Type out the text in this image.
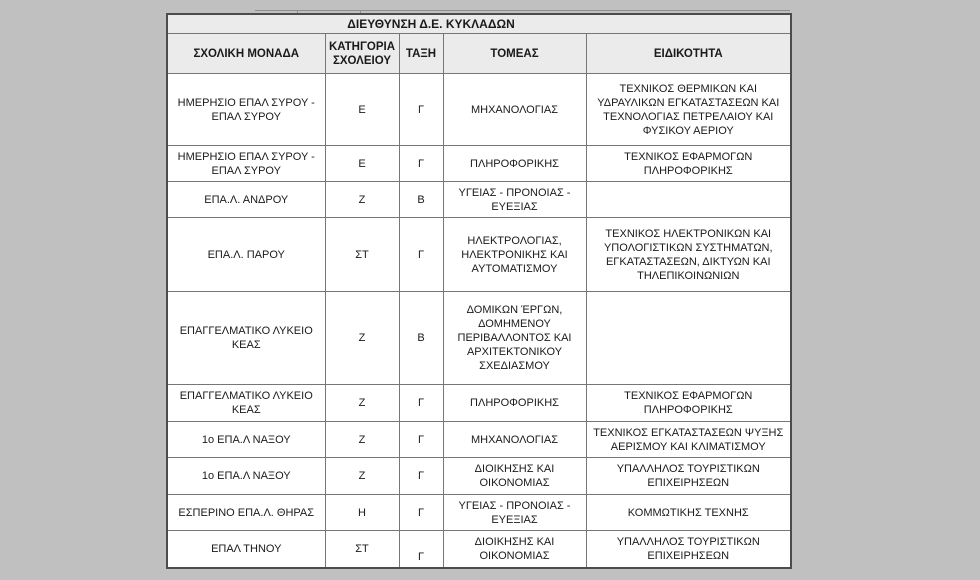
ΔΙΕΥΘΥΝΣΗ Δ.Ε. ΚΥΚΛΑΔΩΝ				
ΣΧΟΛΙΚΗ ΜΟΝΑΔΑ	ΚΑΤΗΓΟΡΙΑ ΣΧΟΛΕΙΟΥ	ΤΑΞΗ	ΤΟΜΕΑΣ	ΕΙΔΙΚΟΤΗΤΑ
ΗΜΕΡΗΣΙΟ ΕΠΑΛ ΣΥΡΟΥ - ΕΠΑΛ ΣΥΡΟΥ	Ε	Γ	ΜΗΧΑΝΟΛΟΓΙΑΣ	ΤΕΧΝΙΚΟΣ ΘΕΡΜΙΚΩΝ ΚΑΙ ΥΔΡΑΥΛΙΚΩΝ ΕΓΚΑΤΑΣΤΑΣΕΩΝ ΚΑΙ ΤΕΧΝΟΛΟΓΙΑΣ ΠΕΤΡΕΛΑΙΟΥ ΚΑΙ ΦΥΣΙΚΟΥ ΑΕΡΙΟΥ
ΗΜΕΡΗΣΙΟ ΕΠΑΛ ΣΥΡΟΥ - ΕΠΑΛ ΣΥΡΟΥ	Ε	Γ	ΠΛΗΡΟΦΟΡΙΚΗΣ	ΤΕΧΝΙΚΟΣ ΕΦΑΡΜΟΓΩΝ ΠΛΗΡΟΦΟΡΙΚΗΣ
ΕΠΑ.Λ. ΑΝΔΡΟΥ	Ζ	Β	ΥΓΕΙΑΣ - ΠΡΟΝΟΙΑΣ - ΕΥΕΞΙΑΣ	
ΕΠΑ.Λ. ΠΑΡΟΥ	ΣΤ	Γ	ΗΛΕΚΤΡΟΛΟΓΙΑΣ, ΗΛΕΚΤΡΟΝΙΚΗΣ ΚΑΙ ΑΥΤΟΜΑΤΙΣΜΟΥ	ΤΕΧΝΙΚΟΣ ΗΛΕΚΤΡΟΝΙΚΩΝ ΚΑΙ ΥΠΟΛΟΓΙΣΤΙΚΩΝ ΣΥΣΤΗΜΑΤΩΝ, ΕΓΚΑΤΑΣΤΑΣΕΩΝ, ΔΙΚΤΥΩΝ ΚΑΙ ΤΗΛΕΠΙΚΟΙΝΩΝΙΩΝ
ΕΠΑΓΓΕΛΜΑΤΙΚΟ ΛΥΚΕΙΟ ΚΕΑΣ	Ζ	Β	ΔΟΜΙΚΩΝ ΈΡΓΩΝ, ΔΟΜΗΜΕΝΟΥ ΠΕΡΙΒΑΛΛΟΝΤΟΣ ΚΑΙ ΑΡΧΙΤΕΚΤΟΝΙΚΟΥ ΣΧΕΔΙΑΣΜΟΥ	
ΕΠΑΓΓΕΛΜΑΤΙΚΟ ΛΥΚΕΙΟ ΚΕΑΣ	Ζ	Γ	ΠΛΗΡΟΦΟΡΙΚΗΣ	ΤΕΧΝΙΚΟΣ ΕΦΑΡΜΟΓΩΝ ΠΛΗΡΟΦΟΡΙΚΗΣ
1ο ΕΠΑ.Λ ΝΑΞΟΥ	Ζ	Γ	ΜΗΧΑΝΟΛΟΓΙΑΣ	ΤΕΧΝΙΚΟΣ ΕΓΚΑΤΑΣΤΑΣΕΩΝ ΨΥΞΗΣ ΑΕΡΙΣΜΟΥ ΚΑΙ ΚΛΙΜΑΤΙΣΜΟΥ
1ο ΕΠΑ.Λ ΝΑΞΟΥ	Ζ	Γ	ΔΙΟΙΚΗΣΗΣ ΚΑΙ ΟΙΚΟΝΟΜΙΑΣ	ΥΠΑΛΛΗΛΟΣ ΤΟΥΡΙΣΤΙΚΩΝ ΕΠΙΧΕΙΡΗΣΕΩΝ
ΕΣΠΕΡΙΝΟ ΕΠΑ.Λ. ΘΗΡΑΣ	Η	Γ	ΥΓΕΙΑΣ - ΠΡΟΝΟΙΑΣ - ΕΥΕΞΙΑΣ	ΚΟΜΜΩΤΙΚΗΣ ΤΕΧΝΗΣ
ΕΠΑΛ ΤΗΝΟΥ	ΣΤ	Γ	ΔΙΟΙΚΗΣΗΣ ΚΑΙ ΟΙΚΟΝΟΜΙΑΣ	ΥΠΑΛΛΗΛΟΣ ΤΟΥΡΙΣΤΙΚΩΝ ΕΠΙΧΕΙΡΗΣΕΩΝ
